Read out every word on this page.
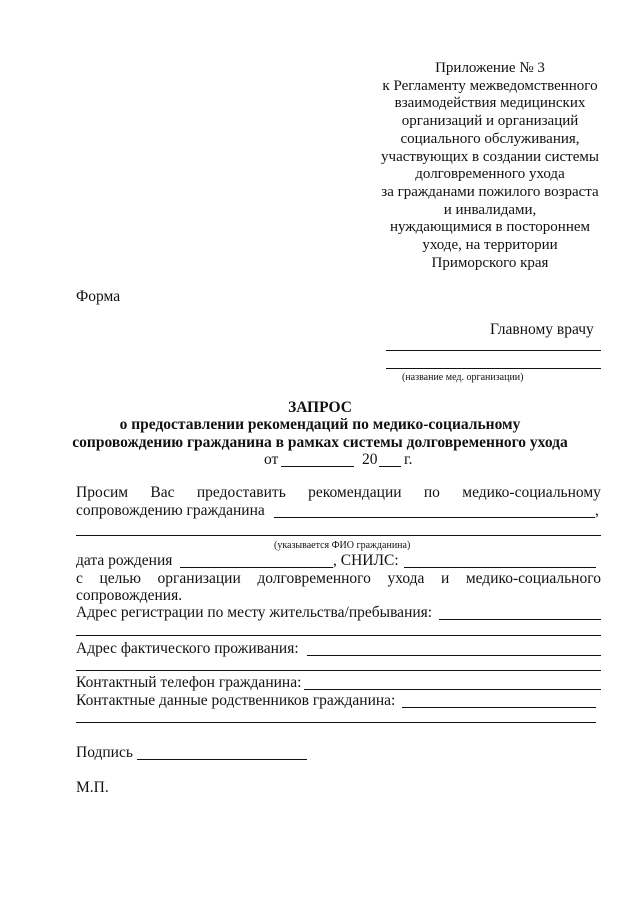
Приложение № 3
к Регламенту межведомственного
взаимодействия медицинских
организаций и организаций
социального обслуживания,
участвующих в создании системы
долговременного ухода
за гражданами пожилого возраста
и инвалидами,
нуждающимися в постороннем
уходе, на территории
Приморского края
Форма
Главному врачу
(название мед. организации)
ЗАПРОС
о предоставлении рекомендаций по медико-социальному
сопровождению гражданина в рамках системы долговременного ухода
от	20 г.
Просим Вас предоставить рекомендации по медико-социальному
сопровождению гражданина	,
(указывается ФИО гражданина)
дата рождения	, СНИЛС:
с целью организации долговременного ухода и медико-социального
сопровождения.
Адрес регистрации по месту жительства/пребывания:
Адрес фактического проживания:
Контактный телефон гражданина:
Контактные данные родственников гражданина:
Подпись
М.П.
